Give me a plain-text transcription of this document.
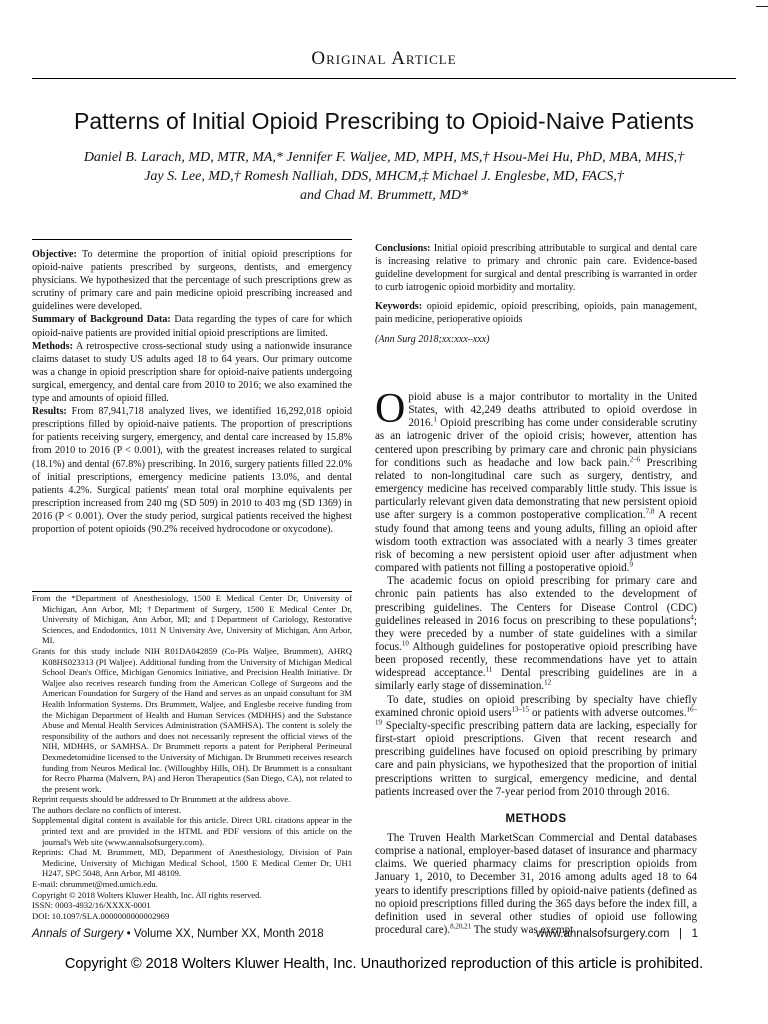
Original Article
Patterns of Initial Opioid Prescribing to Opioid-Naive Patients
Daniel B. Larach, MD, MTR, MA,* Jennifer F. Waljee, MD, MPH, MS,† Hsou-Mei Hu, PhD, MBA, MHS,†
Jay S. Lee, MD,† Romesh Nalliah, DDS, MHCM,‡ Michael J. Englesbe, MD, FACS,†
and Chad M. Brummett, MD*

Objective: To determine the proportion of initial opioid prescriptions for opioid-naive patients prescribed by surgeons, dentists, and emergency physicians. We hypothesized that the percentage of such prescriptions grew as scrutiny of primary care and pain medicine opioid prescribing increased and guidelines were developed.

Summary of Background Data: Data regarding the types of care for which opioid-naive patients are provided initial opioid prescriptions are limited.

Methods: A retrospective cross-sectional study using a nationwide insurance claims dataset to study US adults aged 18 to 64 years. Our primary outcome was a change in opioid prescription share for opioid-naive patients undergoing surgical, emergency, and dental care from 2010 to 2016; we also examined the type and amounts of opioid filled.

Results: From 87,941,718 analyzed lives, we identified 16,292,018 opioid prescriptions filled by opioid-naive patients. The proportion of prescriptions for patients receiving surgery, emergency, and dental care increased by 15.8% from 2010 to 2016 (P < 0.001), with the greatest increases related to surgical (18.1%) and dental (67.8%) prescribing. In 2016, surgery patients filled 22.0% of initial prescriptions, emergency medicine patients 13.0%, and dental patients 4.2%. Surgical patients' mean total oral morphine equivalents per prescription increased from 240 mg (SD 509) in 2010 to 403 mg (SD 1369) in 2016 (P < 0.001). Over the study period, surgical patients received the highest proportion of potent opioids (90.2% received hydrocodone or oxycodone).

Conclusions: Initial opioid prescribing attributable to surgical and dental care is increasing relative to primary and chronic pain care. Evidence-based guideline development for surgical and dental prescribing is warranted in order to curb iatrogenic opioid morbidity and mortality.

Keywords: opioid epidemic, opioid prescribing, opioids, pain management, pain medicine, perioperative opioids

(Ann Surg 2018;xx:xxx–xxx)

From the *Department of Anesthesiology, 1500 E Medical Center Dr, University of Michigan, Ann Arbor, MI; †Department of Surgery, 1500 E Medical Center Dr, University of Michigan, Ann Arbor, MI; and ‡Department of Cariology, Restorative Sciences, and Endodontics, 1011 N University Ave, University of Michigan, Ann Arbor, MI.

Grants for this study include NIH R01DA042859 (Co-PIs Waljee, Brummett), AHRQ K08HS023313 (PI Waljee). Additional funding from the University of Michigan Medical School Dean's Office, Michigan Genomics Initiative, and Precision Health Initiative. Dr Waljee also receives research funding from the American College of Surgeons and the American Foundation for Surgery of the Hand and serves as an unpaid consultant for 3M Health Information Systems. Drs Brummett, Waljee, and Englesbe receive funding from the Michigan Department of Health and Human Services (MDHHS) and the Substance Abuse and Mental Health Services Administration (SAMHSA). The content is solely the responsibility of the authors and does not necessarily represent the official views of the NIH, MDHHS, or SAMHSA. Dr Brummett reports a patent for Peripheral Perineural Dexmedetomidine licensed to the University of Michigan. Dr Brummett receives research funding from Neuros Medical Inc. (Willoughby Hills, OH). Dr Brummett is a consultant for Recro Pharma (Malvern, PA) and Heron Therapeutics (San Diego, CA), not related to the present work.

Reprint requests should be addressed to Dr Brummett at the address above.

The authors declare no conflicts of interest.

Supplemental digital content is available for this article. Direct URL citations appear in the printed text and are provided in the HTML and PDF versions of this article on the journal's Web site (www.annalsofsurgery.com).

Reprints: Chad M. Brummett, MD, Department of Anesthesiology, Division of Pain Medicine, University of Michigan Medical School, 1500 E Medical Center Dr, UH1 H247, SPC 5048, Ann Arbor, MI 48109.

E-mail: cbrummet@med.umich.edu.

Copyright © 2018 Wolters Kluwer Health, Inc. All rights reserved.

ISSN: 0003-4932/16/XXXX-0001

DOI: 10.1097/SLA.0000000000002969

Opioid abuse is a major contributor to mortality in the United States, with 42,249 deaths attributed to opioid overdose in 2016.$^1$ Opioid prescribing has come under considerable scrutiny as an iatrogenic driver of the opioid crisis; however, attention has centered upon prescribing by primary care and chronic pain physicians for conditions such as headache and low back pain.$^{2-6}$ Prescribing related to non-longitudinal care such as surgery, dentistry, and emergency medicine has received comparably little study. This issue is particularly relevant given data demonstrating that new persistent opioid use after surgery is a common postoperative complication.$^{7,8}$ A recent study found that among teens and young adults, filling an opioid after wisdom tooth extraction was associated with a nearly 3 times greater risk of becoming a new persistent opioid user after adjustment when compared with patients not filling a postoperative opioid.$^9$

The academic focus on opioid prescribing for primary care and chronic pain patients has also extended to the development of prescribing guidelines. The Centers for Disease Control (CDC) guidelines released in 2016 focus on prescribing to these populations$^4$; they were preceded by a number of state guidelines with a similar focus.$^{10}$ Although guidelines for postoperative opioid prescribing have been proposed recently, these recommendations have yet to attain widespread acceptance.$^{11}$ Dental prescribing guidelines are in a similarly early stage of dissemination.$^{12}$

To date, studies on opioid prescribing by specialty have chiefly examined chronic opioid users$^{13-15}$ or patients with adverse outcomes.$^{16-19}$ Specialty-specific prescribing pattern data are lacking, especially for first-start opioid prescriptions. Given that recent research and prescribing guidelines have focused on opioid prescribing by primary care and pain physicians, we hypothesized that the proportion of initial prescriptions written to surgical, emergency medicine, and dental patients increased over the 7-year period from 2010 through 2016.

METHODS

The Truven Health MarketScan Commercial and Dental databases comprise a national, employer-based dataset of insurance and pharmacy claims. We queried pharmacy claims for prescription opioids from January 1, 2010, to December 31, 2016 among adults aged 18 to 64 years to identify prescriptions filled by opioid-naive patients (defined as no opioid prescriptions filled during the 365 days before the index fill, a definition used in several other studies of opioid use following procedural care).$^{8,20,21}$ The study was exempt

Annals of Surgery • Volume XX, Number XX, Month 2018	www.annalsofsurgery.com | 1
Copyright © 2018 Wolters Kluwer Health, Inc. Unauthorized reproduction of this article is prohibited.
